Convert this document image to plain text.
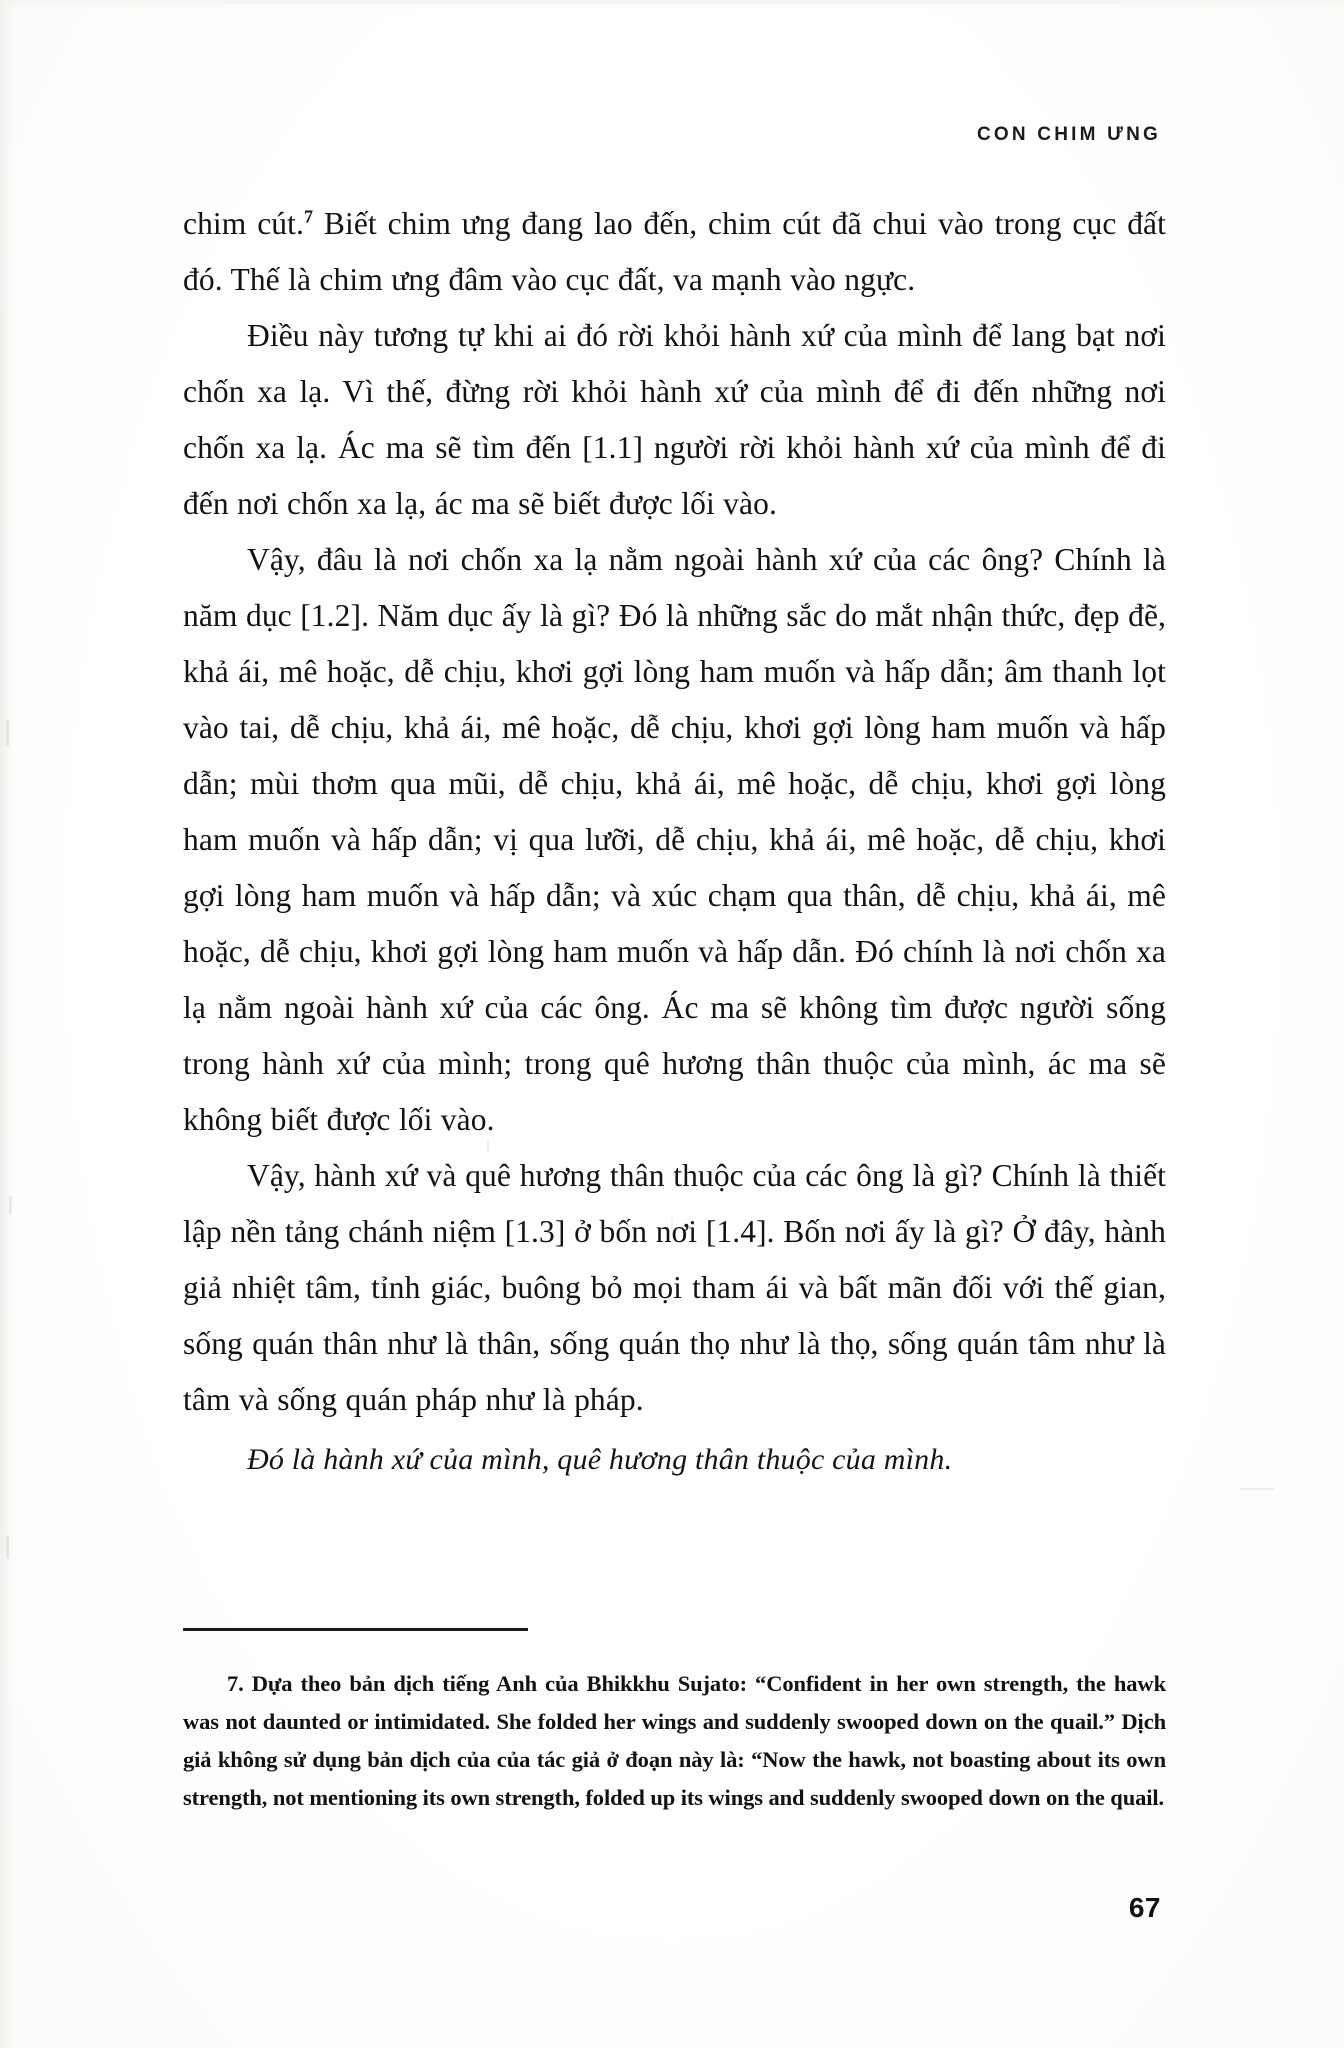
CON CHIM ƯNG

chim cút.$^7$ Biết chim ưng đang lao đến, chim cút đã chui vào trong cục đất đó. Thế là chim ưng đâm vào cục đất, va mạnh vào ngực.

Điều này tương tự khi ai đó rời khỏi hành xứ của mình để lang bạt nơi chốn xa lạ. Vì thế, đừng rời khỏi hành xứ của mình để đi đến những nơi chốn xa lạ. Ác ma sẽ tìm đến [1.1] người rời khỏi hành xứ của mình để đi đến nơi chốn xa lạ, ác ma sẽ biết được lối vào.

Vậy, đâu là nơi chốn xa lạ nằm ngoài hành xứ của các ông? Chính là năm dục [1.2]. Năm dục ấy là gì? Đó là những sắc do mắt nhận thức, đẹp đẽ, khả ái, mê hoặc, dễ chịu, khơi gợi lòng ham muốn và hấp dẫn; âm thanh lọt vào tai, dễ chịu, khả ái, mê hoặc, dễ chịu, khơi gợi lòng ham muốn và hấp dẫn; mùi thơm qua mũi, dễ chịu, khả ái, mê hoặc, dễ chịu, khơi gợi lòng ham muốn và hấp dẫn; vị qua lưỡi, dễ chịu, khả ái, mê hoặc, dễ chịu, khơi gợi lòng ham muốn và hấp dẫn; và xúc chạm qua thân, dễ chịu, khả ái, mê hoặc, dễ chịu, khơi gợi lòng ham muốn và hấp dẫn. Đó chính là nơi chốn xa lạ nằm ngoài hành xứ của các ông. Ác ma sẽ không tìm được người sống trong hành xứ của mình; trong quê hương thân thuộc của mình, ác ma sẽ không biết được lối vào.

Vậy, hành xứ và quê hương thân thuộc của các ông là gì? Chính là thiết lập nền tảng chánh niệm [1.3] ở bốn nơi [1.4]. Bốn nơi ấy là gì? Ở đây, hành giả nhiệt tâm, tỉnh giác, buông bỏ mọi tham ái và bất mãn đối với thế gian, sống quán thân như là thân, sống quán thọ như là thọ, sống quán tâm như là tâm và sống quán pháp như là pháp.

Đó là hành xứ của mình, quê hương thân thuộc của mình.

7. Dựa theo bản dịch tiếng Anh của Bhikkhu Sujato: “Confident in her own strength, the hawk was not daunted or intimidated. She folded her wings and suddenly swooped down on the quail.” Dịch giả không sử dụng bản dịch của của tác giả ở đoạn này là: “Now the hawk, not boasting about its own strength, not mentioning its own strength, folded up its wings and suddenly swooped down on the quail.

67
